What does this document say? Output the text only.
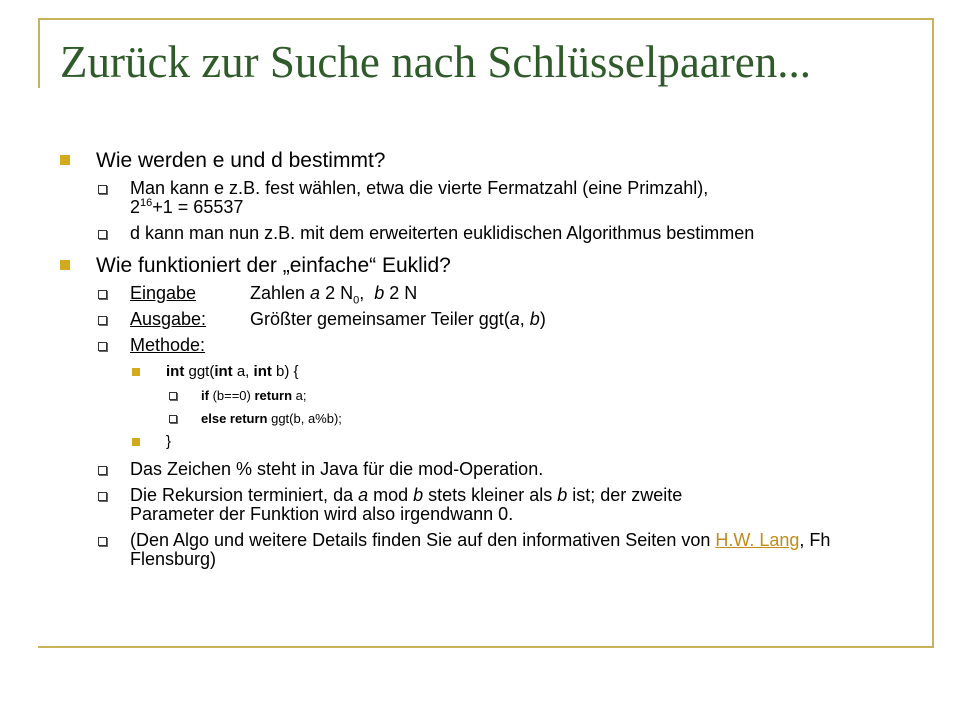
Zurück zur Suche nach Schlüsselpaaren...
Wie werden e und d bestimmt?
Man kann e z.B. fest wählen, etwa die vierte Fermatzahl (eine Primzahl),
$2^{16}+1 = 65537$
d kann man nun z.B. mit dem erweiterten euklidischen Algorithmus bestimmen
Wie funktioniert der „einfache“ Euklid?
Eingabe	Zahlen a 2 $N_0$,  b 2 N
Ausgabe: Größter gemeinsamer Teiler ggt(a, b)
Methode:
int ggt(int a, int b) {
if (b==0) return a;
else return ggt(b, a%b);
}
Das Zeichen % steht in Java für die mod-Operation.
Die Rekursion terminiert, da a mod b stets kleiner als b ist; der zweite Parameter der Funktion wird also irgendwann 0.
(Den Algo und weitere Details finden Sie auf den informativen Seiten von H.W. Lang, Fh Flensburg)
